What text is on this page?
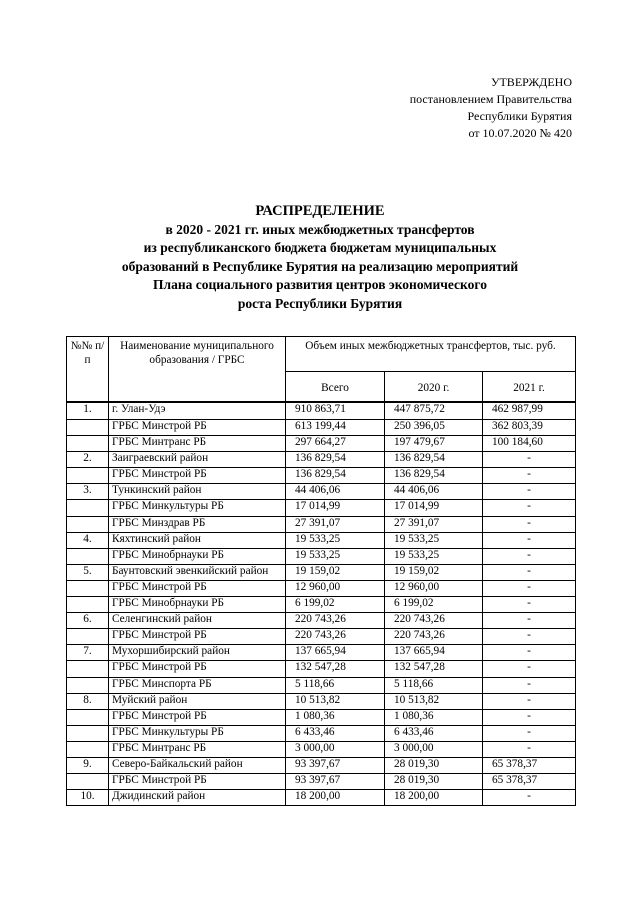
УТВЕРЖДЕНО
постановлением Правительства
Республики Бурятия
от 10.07.2020 № 420
РАСПРЕДЕЛЕНИЕ
в 2020 - 2021 гг. иных межбюджетных трансфертов
из республиканского бюджета бюджетам муниципальных
образований в Республике Бурятия на реализацию мероприятий
Плана социального развития центров экономического
роста Республики Бурятия
№№ п/п	Наименование муниципального образования / ГРБС	Объем иных межбюджетных трансфертов, тыс. руб.		
		Всего	2020 г.	2021 г.

1.	г. Улан-Удэ	910 863,71	447 875,72	462 987,99
	ГРБС Минстрой РБ	613 199,44	250 396,05	362 803,39
	ГРБС Минтранс РБ	297 664,27	197 479,67	100 184,60
2.	Заиграевский район	136 829,54	136 829,54	-
	ГРБС Минстрой РБ	136 829,54	136 829,54	-
3.	Тункинский район	44 406,06	44 406,06	-
	ГРБС Минкультуры РБ	17 014,99	17 014,99	-
	ГРБС Минздрав РБ	27 391,07	27 391,07	-
4.	Кяхтинский район	19 533,25	19 533,25	-
	ГРБС Минобрнауки РБ	19 533,25	19 533,25	-
5.	Баунтовский эвенкийский район	19 159,02	19 159,02	-
	ГРБС Минстрой РБ	12 960,00	12 960,00	-
	ГРБС Минобрнауки РБ	6 199,02	6 199,02	-
6.	Селенгинский район	220 743,26	220 743,26	-
	ГРБС Минстрой РБ	220 743,26	220 743,26	-
7.	Мухоршибирский район	137 665,94	137 665,94	-
	ГРБС Минстрой РБ	132 547,28	132 547,28	-
	ГРБС Минспорта РБ	5 118,66	5 118,66	-
8.	Муйский район	10 513,82	10 513,82	-
	ГРБС Минстрой РБ	1 080,36	1 080,36	-
	ГРБС Минкультуры РБ	6 433,46	6 433,46	-
	ГРБС Минтранс РБ	3 000,00	3 000,00	-
9.	Северо-Байкальский район	93 397,67	28 019,30	65 378,37
	ГРБС Минстрой РБ	93 397,67	28 019,30	65 378,37
10.	Джидинский район	18 200,00	18 200,00	-
